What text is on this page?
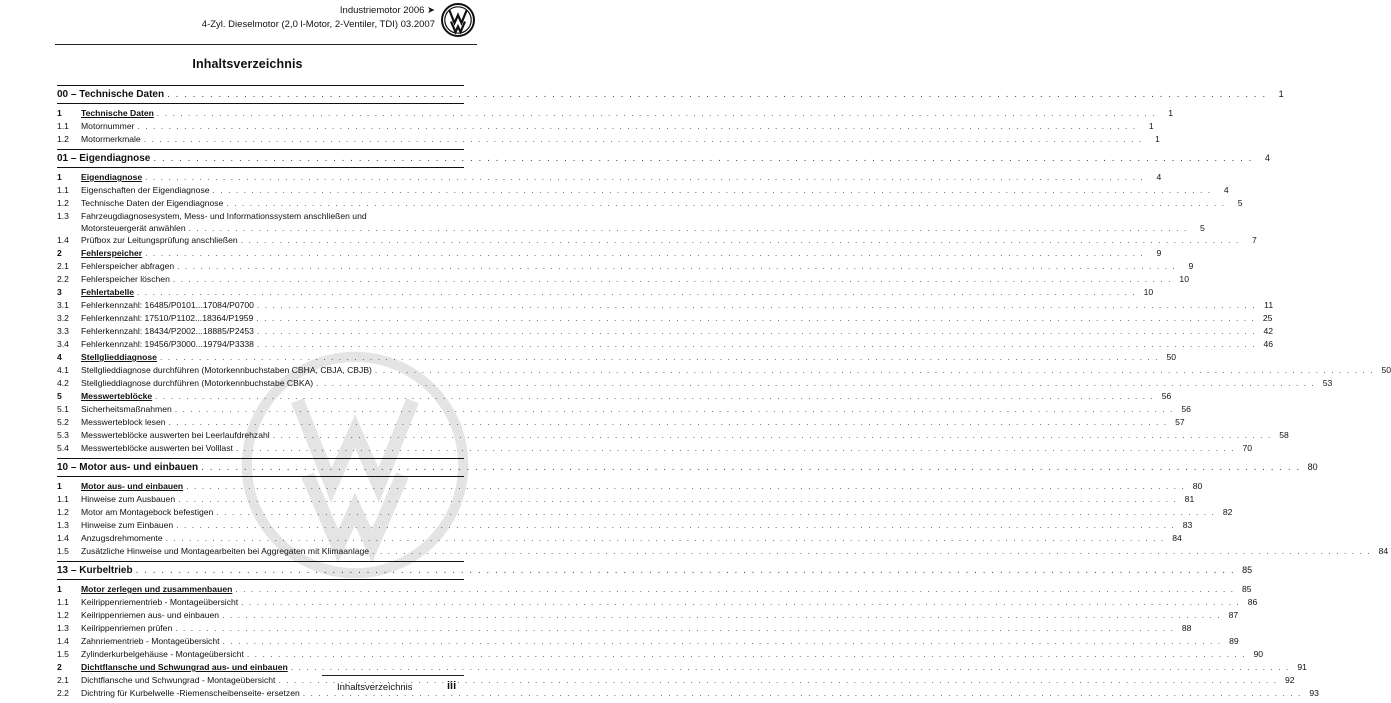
Industriemotor 2006 ➤
4-Zyl. Dieselmotor (2,0 l-Motor, 2-Ventiler, TDI) 03.2007
Inhaltsverzeichnis
00 – Technische Daten . . .	1
1	Technische Daten . . .	1
1.1	Motornummer . . .	1
1.2	Motormerkmale . . .	1
01 – Eigendiagnose . . .	4
1	Eigendiagnose . . .	4
1.1	Eigenschaften der Eigendiagnose . . .	4
1.2	Technische Daten der Eigendiagnose . . .	5
1.3	Fahrzeugdiagnosesystem, Mess- und Informationssystem anschließen und
Motorsteuergerät anwählen . . .	5
1.4	Prüfbox zur Leitungsprüfung anschließen . . .	7
2	Fehlerspeicher . . .	9
2.1	Fehlerspeicher abfragen . . .	9
2.2	Fehlerspeicher löschen . . .	10
3	Fehlertabelle . . .	10
3.1	Fehlerkennzahl: 16485/P0101...17084/P0700 . . .	11
3.2	Fehlerkennzahl: 17510/P1102...18364/P1959 . . .	25
3.3	Fehlerkennzahl: 18434/P2002...18885/P2453 . . .	42
3.4	Fehlerkennzahl: 19456/P3000...19794/P3338 . . .	46
4	Stellglieddiagnose . . .	50
4.1	Stellglieddiagnose durchführen (Motorkennbuchstaben CBHA, CBJA, CBJB) . . .	50
4.2	Stellglieddiagnose durchführen (Motorkennbuchstabe CBKA) . . .	53
5	Messwerteblöcke . . .	56
5.1	Sicherheitsmaßnahmen . . .	56
5.2	Messwerteblock lesen . . .	57
5.3	Messwerteblöcke auswerten bei Leerlaufdrehzahl . . .	58
5.4	Messwerteblöcke auswerten bei Volllast . . .	70
10 – Motor aus- und einbauen . . .	80
1	Motor aus- und einbauen . . .	80
1.1	Hinweise zum Ausbauen . . .	81
1.2	Motor am Montagebock befestigen . . .	82
1.3	Hinweise zum Einbauen . . .	83
1.4	Anzugsdrehmomente . . .	84
1.5	Zusätzliche Hinweise und Montagearbeiten bei Aggregaten mit Klimaanlage . . .	84
13 – Kurbeltrieb . . .	85
1	Motor zerlegen und zusammenbauen . . .	85
1.1	Keilrippenriementrieb - Montageübersicht . . .	86
1.2	Keilrippenriemen aus- und einbauen . . .	87
1.3	Keilrippenriemen prüfen . . .	88
1.4	Zahnriementrieb - Montageübersicht . . .	89
1.5	Zylinderkurbelgehäuse - Montageübersicht . . .	90
2	Dichtflansche und Schwungrad aus- und einbauen . . .	91
2.1	Dichtflansche und Schwungrad - Montageübersicht . . .	92
2.2	Dichtring für Kurbelwelle -Riemenscheibenseite- ersetzen . . .	93
Inhaltsverzeichnis	iii
